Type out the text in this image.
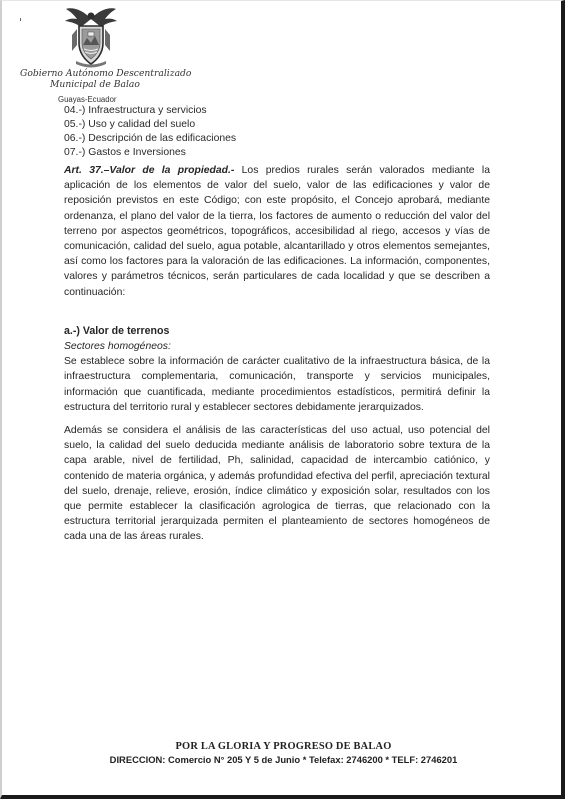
Gobierno Autónomo Descentralizado
Municipal de Balao
Guayas-Ecuador
04.-) Infraestructura y servicios
05.-) Uso y calidad del suelo
06.-) Descripción de las edificaciones
07.-) Gastos e Inversiones

Art. 37.–Valor de la propiedad.- Los predios rurales serán valorados mediante la aplicación de los elementos de valor del suelo, valor de las edificaciones y valor de reposición previstos en este Código; con este propósito, el Concejo aprobará, mediante ordenanza, el plano del valor de la tierra, los factores de aumento o reducción del valor del terreno por aspectos geométricos, topográficos, accesibilidad al riego, accesos y vías de comunicación, calidad del suelo, agua potable, alcantarillado y otros elementos semejantes, así como los factores para la valoración de las edificaciones. La información, componentes, valores y parámetros técnicos, serán particulares de cada localidad y que se describen a continuación:

a.-) Valor de terrenos

Sectores homogéneos:

Se establece sobre la información de carácter cualitativo de la infraestructura básica, de la infraestructura complementaria, comunicación, transporte y servicios municipales, información que cuantificada, mediante procedimientos estadísticos, permitirá definir la estructura del territorio rural y establecer sectores debidamente jerarquizados.

Además se considera el análisis de las características del uso actual, uso potencial del suelo, la calidad del suelo deducida mediante análisis de laboratorio sobre textura de la capa arable, nivel de fertilidad, Ph, salinidad, capacidad de intercambio catiónico, y contenido de materia orgánica, y además profundidad efectiva del perfil, apreciación textural del suelo, drenaje, relieve, erosión, índice climático y exposición solar, resultados con los que permite establecer la clasificación agrologica de tierras, que relacionado con la estructura territorial jerarquizada permiten el planteamiento de sectores homogéneos de cada una de las áreas rurales.

POR LA GLORIA Y PROGRESO DE BALAO
DIRECCION: Comercio N° 205 Y 5 de Junio * Telefax: 2746200 * TELF: 2746201
